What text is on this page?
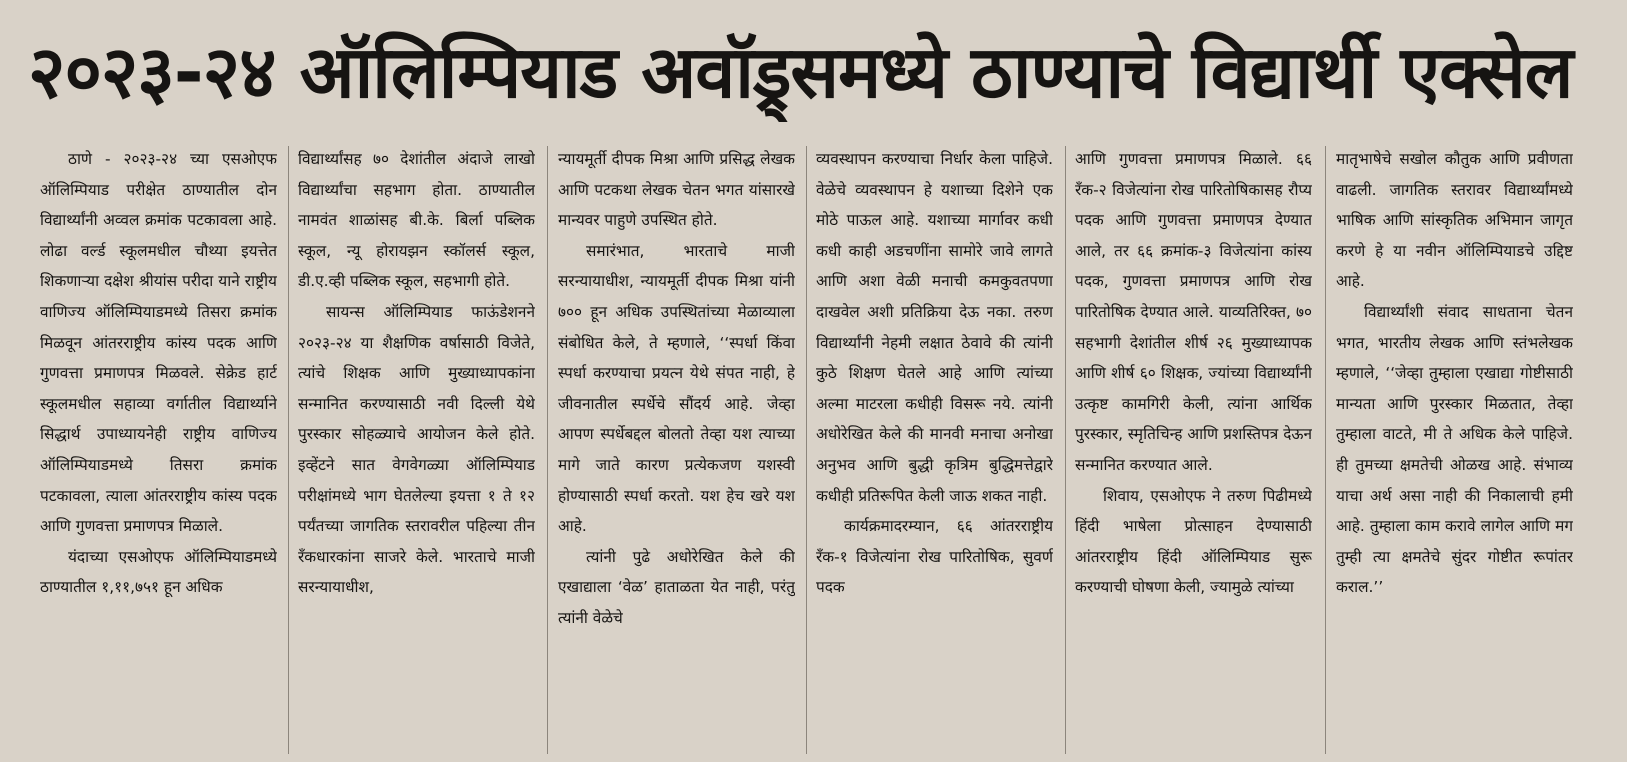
२०२३-२४ ऑलिम्पियाड अवॉड्र्समध्ये ठाण्याचे विद्यार्थी एक्सेल

ठाणे - २०२३-२४ च्या एसओएफ ऑलिम्पियाड परीक्षेत ठाण्यातील दोन विद्यार्थ्यांनी अव्वल क्रमांक पटकावला आहे. लोढा वर्ल्ड स्कूलमधील चौथ्या इयत्तेत शिकणाऱ्या दक्षेश श्रीयांस परीदा याने राष्ट्रीय वाणिज्य ऑलिम्पियाडमध्ये तिसरा क्रमांक मिळवून आंतरराष्ट्रीय कांस्य पदक आणि गुणवत्ता प्रमाणपत्र मिळवले. सेक्रेड हार्ट स्कूलमधील सहाव्या वर्गातील विद्यार्थ्याने सिद्धार्थ उपाध्यायनेही राष्ट्रीय वाणिज्य ऑलिम्पियाडमध्ये तिसरा क्रमांक पटकावला, त्याला आंतरराष्ट्रीय कांस्य पदक आणि गुणवत्ता प्रमाणपत्र मिळाले.

यंदाच्या एसओएफ ऑलिम्पियाडमध्ये ठाण्यातील १,११,७५१ हून अधिक

विद्यार्थ्यांसह ७० देशांतील अंदाजे लाखो विद्यार्थ्यांचा सहभाग होता. ठाण्यातील नामवंत शाळांसह बी.के. बिर्ला पब्लिक स्कूल, न्यू होरायझन स्कॉलर्स स्कूल, डी.ए.व्ही पब्लिक स्कूल, सहभागी होते.

सायन्स ऑलिम्पियाड फाऊंडेशनने २०२३-२४ या शैक्षणिक वर्षासाठी विजेते, त्यांचे शिक्षक आणि मुख्याध्यापकांना सन्मानित करण्यासाठी नवी दिल्ली येथे पुरस्कार सोहळ्याचे आयोजन केले होते. इव्हेंटने सात वेगवेगळ्या ऑलिम्पियाड परीक्षांमध्ये भाग घेतलेल्या इयत्ता १ ते १२ पर्यंतच्या जागतिक स्तरावरील पहिल्या तीन रँकधारकांना साजरे केले. भारताचे माजी सरन्यायाधीश,

न्यायमूर्ती दीपक मिश्रा आणि प्रसिद्ध लेखक आणि पटकथा लेखक चेतन भगत यांसारखे मान्यवर पाहुणे उपस्थित होते.

समारंभात, भारताचे माजी सरन्यायाधीश, न्यायमूर्ती दीपक मिश्रा यांनी ७०० हून अधिक उपस्थितांच्या मेळाव्याला संबोधित केले, ते म्हणाले, ‘‘स्पर्धा किंवा स्पर्धा करण्याचा प्रयत्न येथे संपत नाही, हे जीवनातील स्पर्धेचे सौंदर्य आहे. जेव्हा आपण स्पर्धेबद्दल बोलतो तेव्हा यश त्याच्या मागे जाते कारण प्रत्येकजण यशस्वी होण्यासाठी स्पर्धा करतो. यश हेच खरे यश आहे.

त्यांनी पुढे अधोरेखित केले की एखाद्याला ‘वेळ’ हाताळता येत नाही, परंतु त्यांनी वेळेचे

व्यवस्थापन करण्याचा निर्धार केला पाहिजे. वेळेचे व्यवस्थापन हे यशाच्या दिशेने एक मोठे पाऊल आहे. यशाच्या मार्गावर कधी कधी काही अडचणींना सामोरे जावे लागते आणि अशा वेळी मनाची कमकुवतपणा दाखवेल अशी प्रतिक्रिया देऊ नका. तरुण विद्यार्थ्यांनी नेहमी लक्षात ठेवावे की त्यांनी कुठे शिक्षण घेतले आहे आणि त्यांच्या अल्मा माटरला कधीही विसरू नये. त्यांनी अधोरेखित केले की मानवी मनाचा अनोखा अनुभव आणि बुद्धी कृत्रिम बुद्धिमत्तेद्वारे कधीही प्रतिरूपित केली जाऊ शकत नाही.

कार्यक्रमादरम्यान, ६६ आंतरराष्ट्रीय रँक-१ विजेत्यांना रोख पारितोषिक, सुवर्ण पदक

आणि गुणवत्ता प्रमाणपत्र मिळाले. ६६ रँक-२ विजेत्यांना रोख पारितोषिकासह रौप्य पदक आणि गुणवत्ता प्रमाणपत्र देण्यात आले, तर ६६ क्रमांक-३ विजेत्यांना कांस्य पदक, गुणवत्ता प्रमाणपत्र आणि रोख पारितोषिक देण्यात आले. याव्यतिरिक्त, ७० सहभागी देशांतील शीर्ष २६ मुख्याध्यापक आणि शीर्ष ६० शिक्षक, ज्यांच्या विद्यार्थ्यांनी उत्कृष्ट कामगिरी केली, त्यांना आर्थिक पुरस्कार, स्मृतिचिन्ह आणि प्रशस्तिपत्र देऊन सन्मानित करण्यात आले.

शिवाय, एसओएफ ने तरुण पिढीमध्ये हिंदी भाषेला प्रोत्साहन देण्यासाठी आंतरराष्ट्रीय हिंदी ऑलिम्पियाड सुरू करण्याची घोषणा केली, ज्यामुळे त्यांच्या

मातृभाषेचे सखोल कौतुक आणि प्रवीणता वाढली. जागतिक स्तरावर विद्यार्थ्यांमध्ये भाषिक आणि सांस्कृतिक अभिमान जागृत करणे हे या नवीन ऑलिम्पियाडचे उद्दिष्ट आहे.

विद्यार्थ्यांशी संवाद साधताना चेतन भगत, भारतीय लेखक आणि स्तंभलेखक म्हणाले, ‘‘जेव्हा तुम्हाला एखाद्या गोष्टीसाठी मान्यता आणि पुरस्कार मिळतात, तेव्हा तुम्हाला वाटते, मी ते अधिक केले पाहिजे. ही तुमच्या क्षमतेची ओळख आहे. संभाव्य याचा अर्थ असा नाही की निकालाची हमी आहे. तुम्हाला काम करावे लागेल आणि मग तुम्ही त्या क्षमतेचे सुंदर गोष्टीत रूपांतर कराल.’’
